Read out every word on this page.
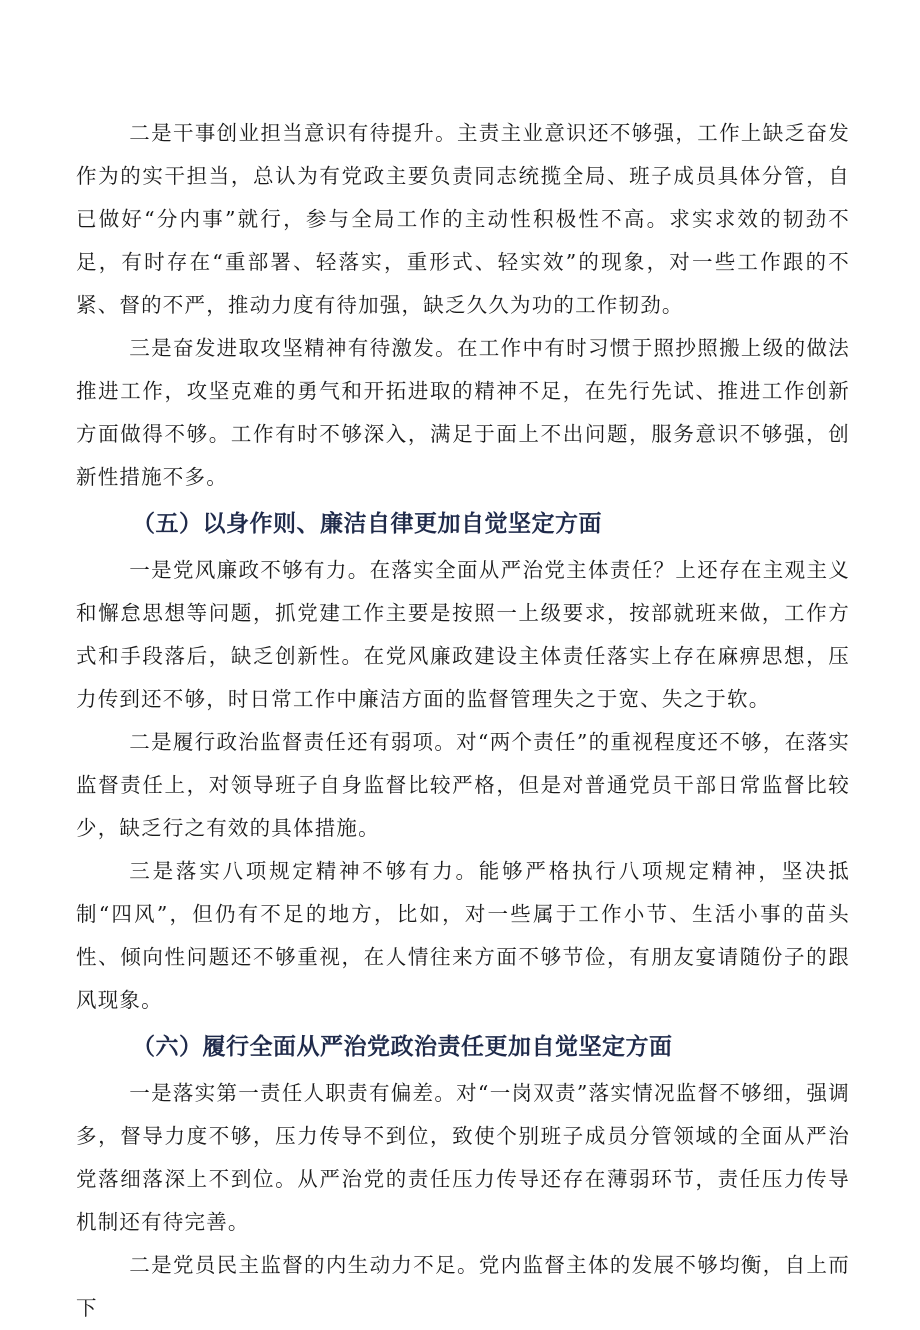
二是干事创业担当意识有待提升。主责主业意识还不够强，工作上缺乏奋发作为的实干担当，总认为有党政主要负责同志统揽全局、班子成员具体分管，自已做好“分内事”就行，参与全局工作的主动性积极性不高。求实求效的韧劲不足，有时存在“重部署、轻落实，重形式、轻实效”的现象，对一些工作跟的不紧、督的不严，推动力度有待加强，缺乏久久为功的工作韧劲。

三是奋发进取攻坚精神有待激发。在工作中有时习惯于照抄照搬上级的做法推进工作，攻坚克难的勇气和开拓进取的精神不足，在先行先试、推进工作创新方面做得不够。工作有时不够深入，满足于面上不出问题，服务意识不够强，创新性措施不多。

（五）以身作则、廉洁自律更加自觉坚定方面

一是党风廉政不够有力。在落实全面从严治党主体责任？上还存在主观主义和懈怠思想等问题，抓党建工作主要是按照一上级要求，按部就班来做，工作方式和手段落后，缺乏创新性。在党风廉政建设主体责任落实上存在麻痹思想，压力传到还不够，时日常工作中廉洁方面的监督管理失之于宽、失之于软。

二是履行政治监督责任还有弱项。对“两个责任”的重视程度还不够，在落实监督责任上，对领导班子自身监督比较严格，但是对普通党员干部日常监督比较少，缺乏行之有效的具体措施。

三是落实八项规定精神不够有力。能够严格执行八项规定精神，坚决抵制“四风”，但仍有不足的地方，比如，对一些属于工作小节、生活小事的苗头性、倾向性问题还不够重视，在人情往来方面不够节俭，有朋友宴请随份子的跟风现象。

（六）履行全面从严治党政治责任更加自觉坚定方面

一是落实第一责任人职责有偏差。对“一岗双责”落实情况监督不够细，强调多，督导力度不够，压力传导不到位，致使个别班子成员分管领域的全面从严治党落细落深上不到位。从严治党的责任压力传导还存在薄弱环节，责任压力传导机制还有待完善。

二是党员民主监督的内生动力不足。党内监督主体的发展不够均衡，自上而下
